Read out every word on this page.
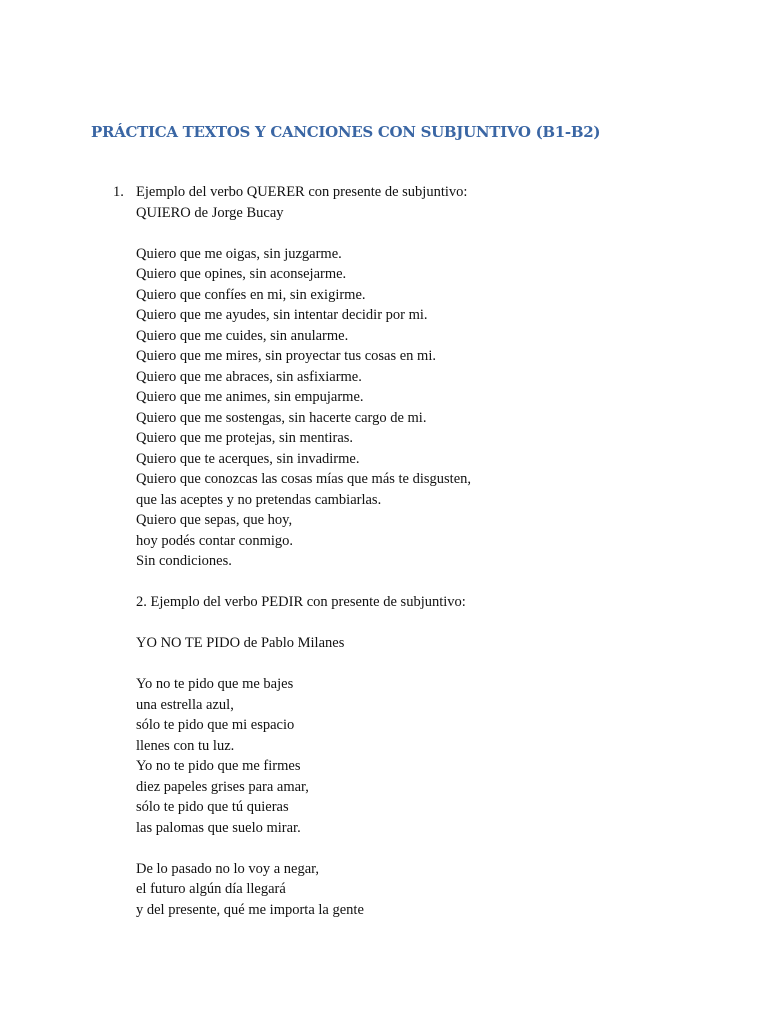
PRÁCTICA TEXTOS Y CANCIONES CON SUBJUNTIVO (B1-B2)
1. Ejemplo del verbo QUERER con presente de subjuntivo:
QUIERO de Jorge Bucay
Quiero que me oigas, sin juzgarme.
Quiero que opines, sin aconsejarme.
Quiero que confíes en mi, sin exigirme.
Quiero que me ayudes, sin intentar decidir por mi.
Quiero que me cuides, sin anularme.
Quiero que me mires, sin proyectar tus cosas en mi.
Quiero que me abraces, sin asfixiarme.
Quiero que me animes, sin empujarme.
Quiero que me sostengas, sin hacerte cargo de mi.
Quiero que me protejas, sin mentiras.
Quiero que te acerques, sin invadirme.
Quiero que conozcas las cosas mías que más te disgusten,
que las aceptes y no pretendas cambiarlas.
Quiero que sepas, que hoy,
hoy podés contar conmigo.
Sin condiciones.
2. Ejemplo del verbo PEDIR con presente de subjuntivo:
YO NO TE PIDO de Pablo Milanes
Yo no te pido que me bajes
una estrella azul,
sólo te pido que mi espacio
llenes con tu luz.
Yo no te pido que me firmes
diez papeles grises para amar,
sólo te pido que tú quieras
las palomas que suelo mirar.
De lo pasado no lo voy a negar,
el futuro algún día llegará
y del presente, qué me importa la gente
